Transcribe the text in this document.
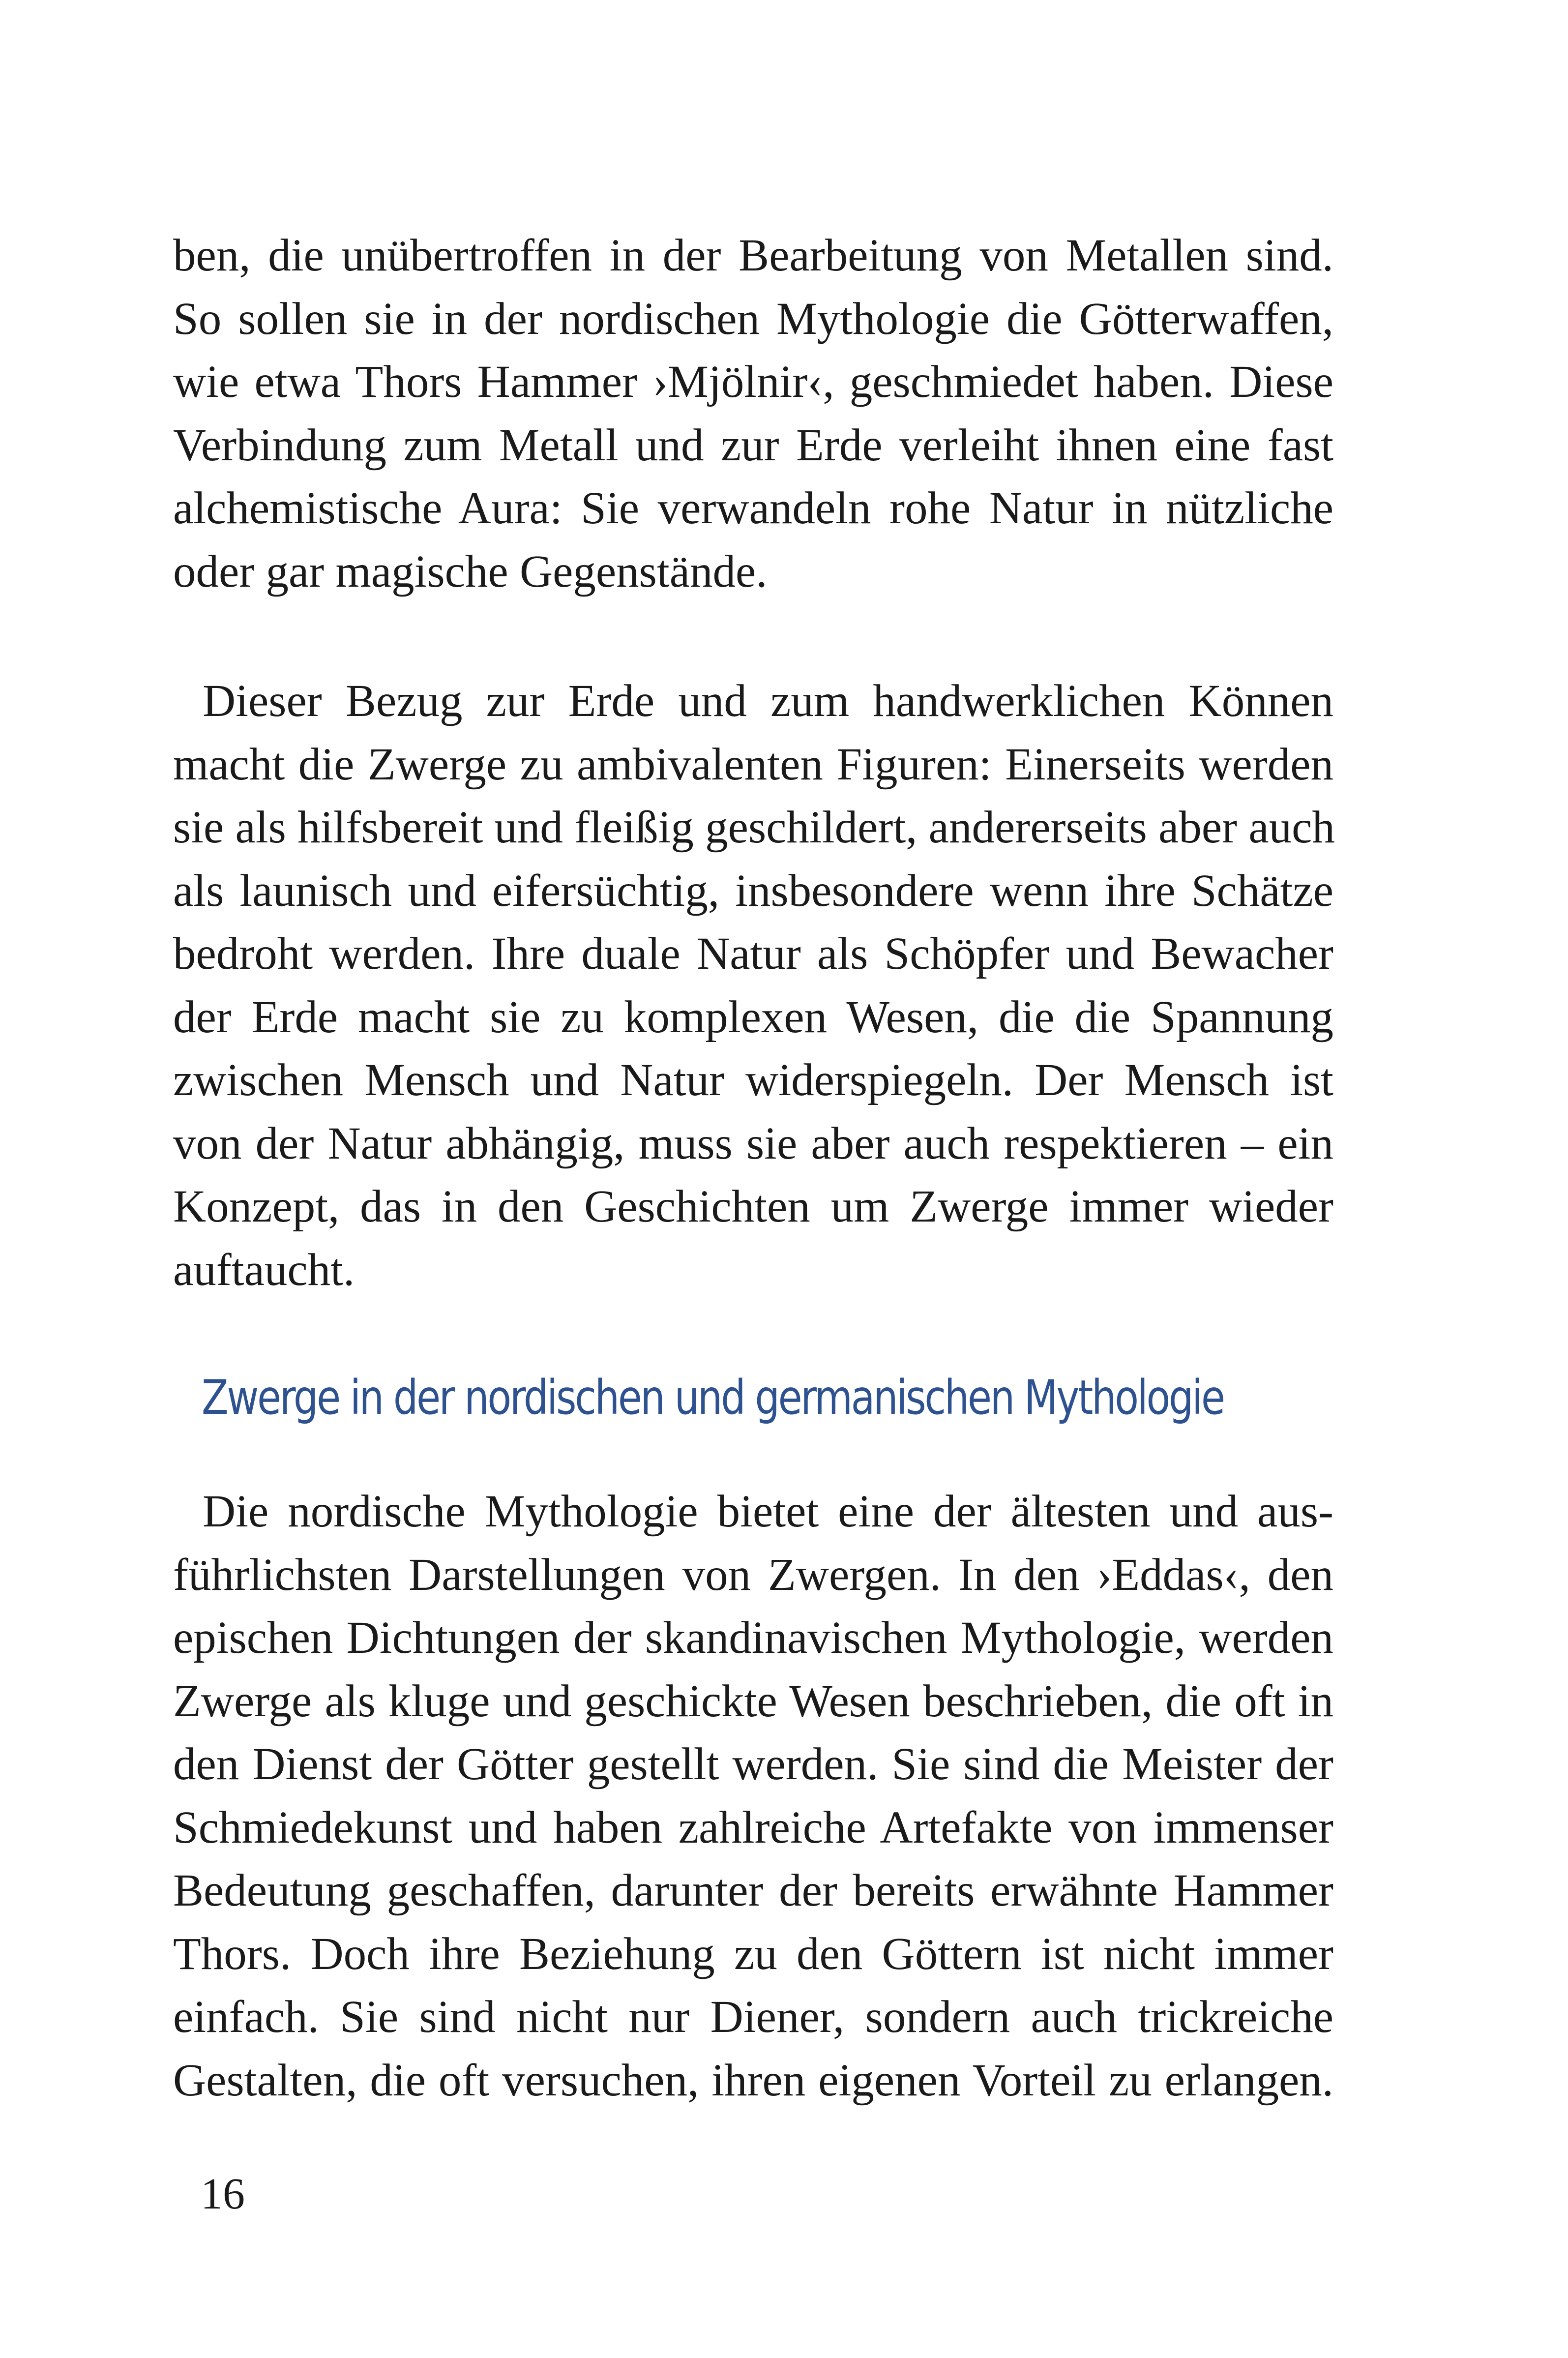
ben, die unübertroffen in der Bearbeitung von Metallen sind.
So sollen sie in der nordischen Mythologie die Götterwaffen,
wie etwa Thors Hammer ›Mjölnir‹, geschmiedet haben. Diese
Verbindung zum Metall und zur Erde verleiht ihnen eine fast
alchemistische Aura: Sie verwandeln rohe Natur in nützliche
oder gar magische Gegenstände.
Dieser Bezug zur Erde und zum handwerklichen Können
macht die Zwerge zu ambivalenten Figuren: Einerseits werden
sie als hilfsbereit und fleißig geschildert, andererseits aber auch
als launisch und eifersüchtig, insbesondere wenn ihre Schätze
bedroht werden. Ihre duale Natur als Schöpfer und Bewacher
der Erde macht sie zu komplexen Wesen, die die Spannung
zwischen Mensch und Natur widerspiegeln. Der Mensch ist
von der Natur abhängig, muss sie aber auch respektieren – ein
Konzept, das in den Geschichten um Zwerge immer wieder
auftaucht.
Zwerge in der nordischen und germanischen Mythologie
Die nordische Mythologie bietet eine der ältesten und aus-
führlichsten Darstellungen von Zwergen. In den ›Eddas‹, den
epischen Dichtungen der skandinavischen Mythologie, werden
Zwerge als kluge und geschickte Wesen beschrieben, die oft in
den Dienst der Götter gestellt werden. Sie sind die Meister der
Schmiedekunst und haben zahlreiche Artefakte von immenser
Bedeutung geschaffen, darunter der bereits erwähnte Hammer
Thors. Doch ihre Beziehung zu den Göttern ist nicht immer
einfach. Sie sind nicht nur Diener, sondern auch trickreiche
Gestalten, die oft versuchen, ihren eigenen Vorteil zu erlangen.
16
